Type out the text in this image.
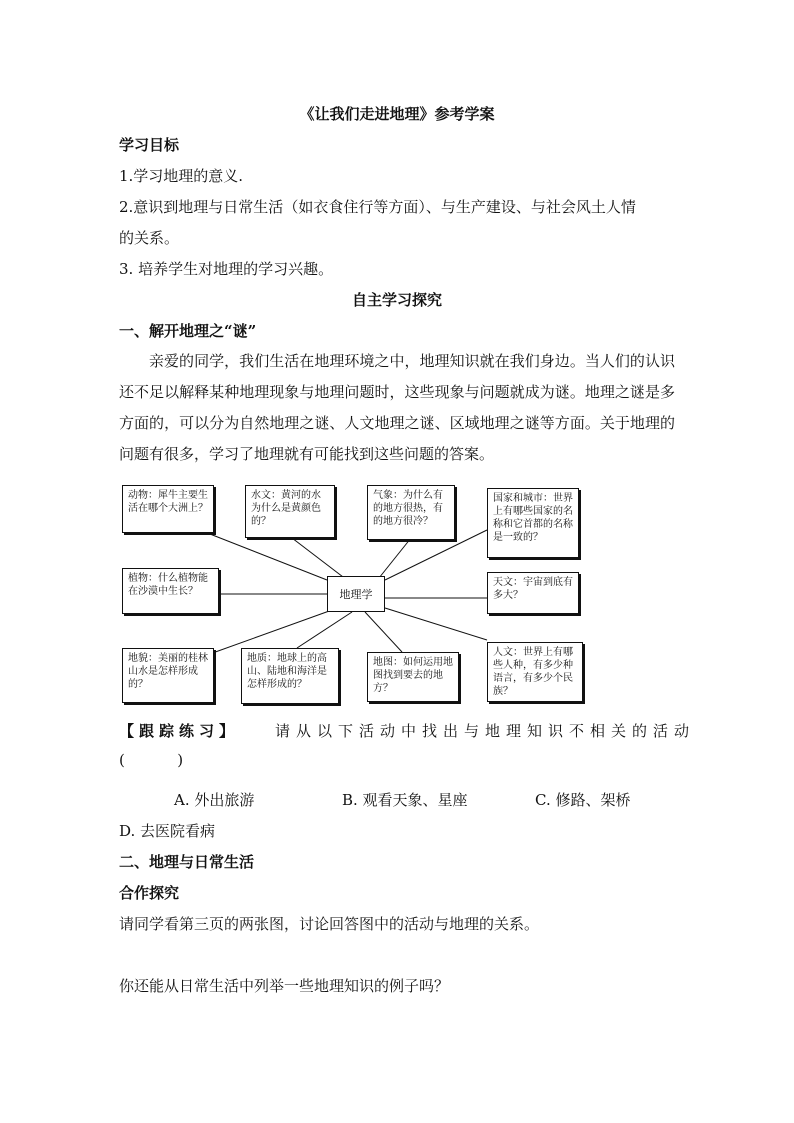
《让我们走进地理》参考学案
学习目标
1.学习地理的意义.
2.意识到地理与日常生活（如衣食住行等方面）、与生产建设、与社会风土人情
的关系。
3. 培养学生对地理的学习兴趣。
自主学习探究
一、解开地理之“谜”

亲爱的同学，我们生活在地理环境之中，地理知识就在我们身边。当人们的认识还不足以解释某种地理现象与地理问题时，这些现象与问题就成为谜。地理之谜是多方面的，可以分为自然地理之谜、人文地理之谜、区域地理之谜等方面。关于地理的问题有很多，学习了地理就有可能找到这些问题的答案。

动物：犀牛主要生活在哪个大洲上？
水文：黄河的水为什么是黄颜色的？
气象：为什么有的地方很热，有的地方很冷？
国家和城市：世界上有哪些国家的名称和它首都的名称是一致的？
植物：什么植物能在沙漠中生长？	地理学
天文：宇宙到底有多大？
地貌：美丽的桂林山水是怎样形成的？
地质：地球上的高山、陆地和海洋是怎样形成的？
地图：如何运用地图找到要去的地方？
人文：世界上有哪些人种，有多少种语言，有多少个民族？
【跟踪练习】 请从以下活动中找出与地理知识不相关的活动
(           )
A. 外出旅游	B. 观看天象、星座	C. 修路、架桥
D. 去医院看病
二、地理与日常生活
合作探究
请同学看第三页的两张图，讨论回答图中的活动与地理的关系。
你还能从日常生活中列举一些地理知识的例子吗？
